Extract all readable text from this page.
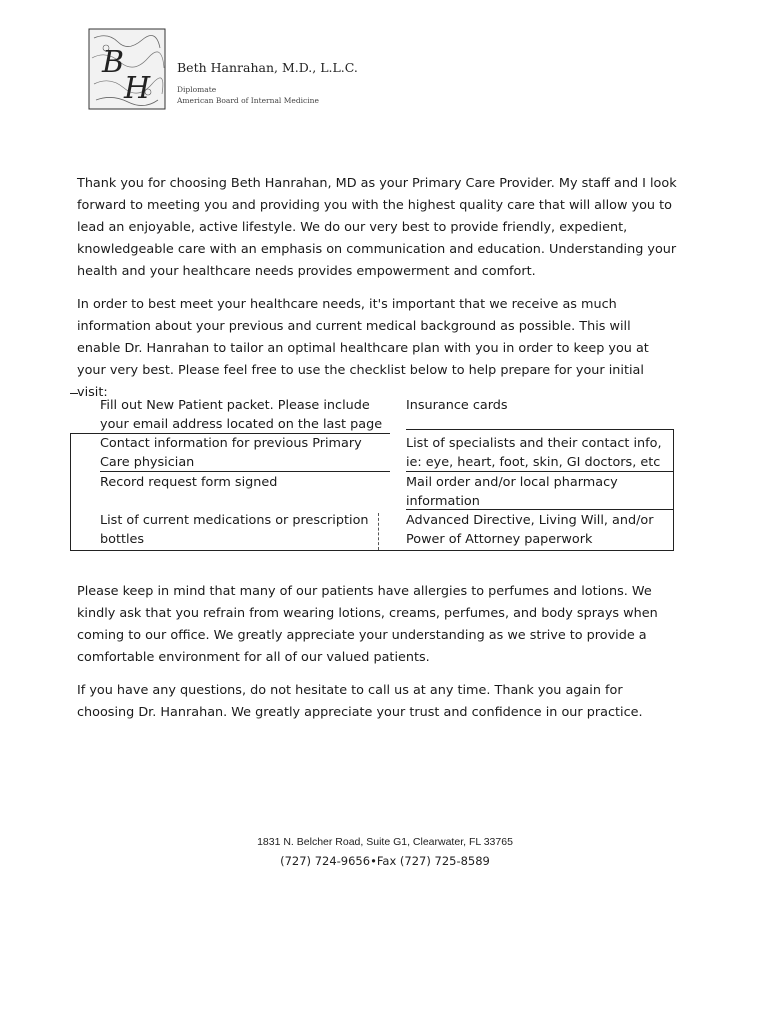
B
H
Beth Hanrahan, M.D., L.L.C.
Diplomate
American Board of Internal Medicine

Thank you for choosing Beth Hanrahan, MD as your Primary Care Provider. My staff and I look forward to meeting you and providing you with the highest quality care that will allow you to lead an enjoyable, active lifestyle. We do our very best to provide friendly, expedient, knowledgeable care with an emphasis on communication and education. Understanding your health and your healthcare needs provides empowerment and comfort.

In order to best meet your healthcare needs, it's important that we receive as much information about your previous and current medical background as possible. This will enable Dr. Hanrahan to tailor an optimal healthcare plan with you in order to keep you at your very best. Please feel free to use the checklist below to help prepare for your initial visit:

Fill out New Patient packet. Please include your email address located on the last page
Insurance cards
Contact information for previous Primary Care physician
List of specialists and their contact info, ie: eye, heart, foot, skin, GI doctors, etc
Record request form signed	Mail order and/or local pharmacy information
List of current medications or prescription bottles
Advanced Directive, Living Will, and/or Power of Attorney paperwork

Please keep in mind that many of our patients have allergies to perfumes and lotions. We kindly ask that you refrain from wearing lotions, creams, perfumes, and body sprays when coming to our office. We greatly appreciate your understanding as we strive to provide a comfortable environment for all of our valued patients.

If you have any questions, do not hesitate to call us at any time. Thank you again for choosing Dr. Hanrahan. We greatly appreciate your trust and confidence in our practice.

1831 N. Belcher Road, Suite G1, Clearwater, FL 33765
(727) 724-9656•Fax (727) 725-8589
